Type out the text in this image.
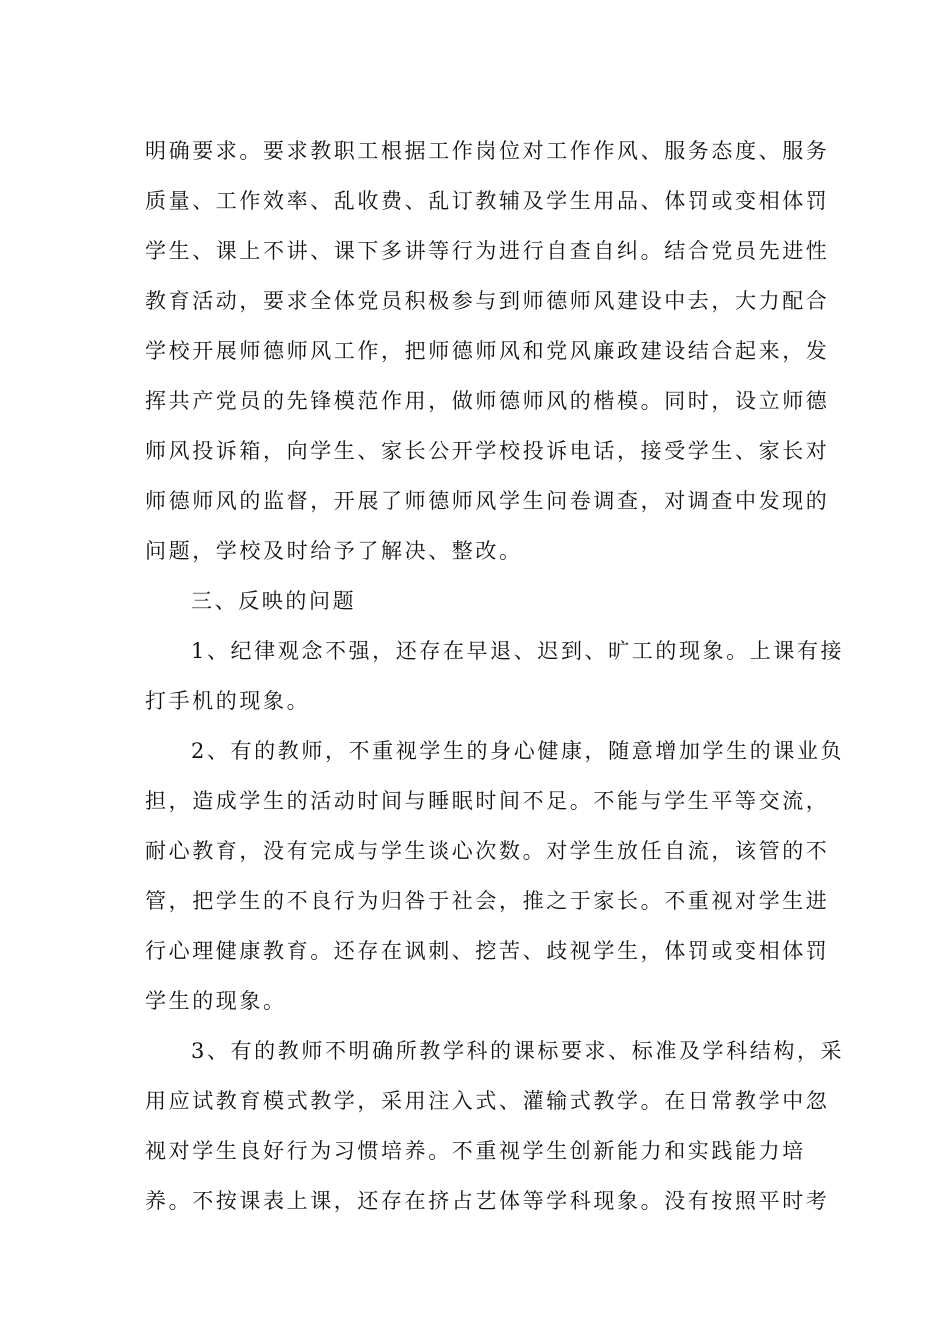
明确要求。要求教职工根据工作岗位对工作作风、服务态度、服务
质量、工作效率、乱收费、乱订教辅及学生用品、体罚或变相体罚
学生、课上不讲、课下多讲等行为进行自查自纠。结合党员先进性
教育活动，要求全体党员积极参与到师德师风建设中去，大力配合
学校开展师德师风工作，把师德师风和党风廉政建设结合起来，发
挥共产党员的先锋模范作用，做师德师风的楷模。同时，设立师德
师风投诉箱，向学生、家长公开学校投诉电话，接受学生、家长对
师德师风的监督，开展了师德师风学生问卷调查，对调查中发现的
问题，学校及时给予了解决、整改。
三、反映的问题
1、纪律观念不强，还存在早退、迟到、旷工的现象。上课有接
打手机的现象。
2、有的教师，不重视学生的身心健康，随意增加学生的课业负
担，造成学生的活动时间与睡眠时间不足。不能与学生平等交流，
耐心教育，没有完成与学生谈心次数。对学生放任自流，该管的不
管，把学生的不良行为归咎于社会，推之于家长。不重视对学生进
行心理健康教育。还存在讽刺、挖苦、歧视学生，体罚或变相体罚
学生的现象。
3、有的教师不明确所教学科的课标要求、标准及学科结构，采
用应试教育模式教学，采用注入式、灌输式教学。在日常教学中忽
视对学生良好行为习惯培养。不重视学生创新能力和实践能力培
养。不按课表上课，还存在挤占艺体等学科现象。没有按照平时考
